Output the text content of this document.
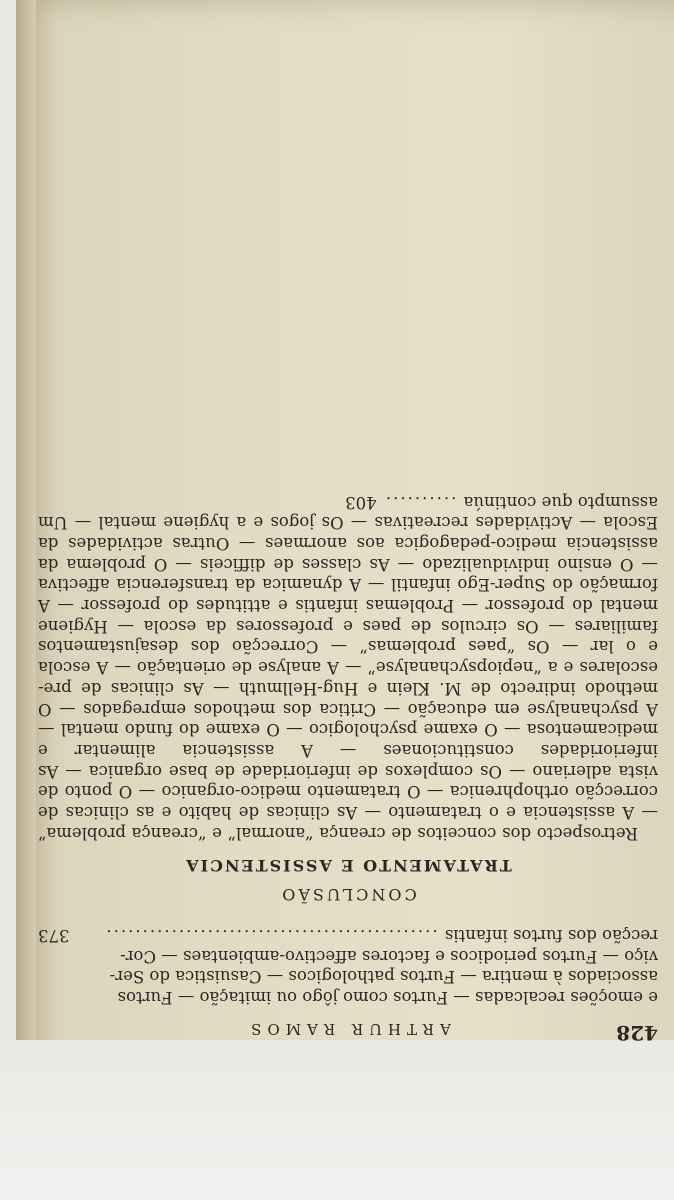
428
ARTHUR RAMOS

e emoções recalcadas — Furtos como jôgo ou imitação — Furtos

associados à mentira — Furtos pathologicos — Casuistica do Ser-

viço — Furtos periodicos e factores affectivo-ambientaes — Cor-

recção dos furtos infantis ..............................................
373
CONCLUSÃO
TRATAMENTO E ASSISTENCIA

Retrospecto dos conceitos de creança “anormal” e “creança problema” — A assistencia e o tratamento — As clinicas de habito e as clinicas de correcção orthophrenica — O tratamento medico-organico — O ponto de vista adleriano — Os complexos de inferioridade de base organica — As inferioridades constitucionaes — A assistencia alimentar e medicamentosa — O exame psychologico — O exame do fundo mental — A psychanalyse em educação — Critica dos methodos empregados — O methodo indirecto de M. Klein e Hug-Hellmuth — As clinicas de pre-escolares e a “nepiopsychanalyse” — A analyse de orientação — A escola e o lar — Os “paes problemas” — Correcção dos desajustamentos familiares — Os circulos de paes e professores da escola — Hygiene mental do professor — Problemas infantis e attitudes do professor — A formação do Super-Ego infantil — A dynamica da transferencia affectiva — O ensino individualizado — As classes de difficeis — O problema da assistencia medico-pedagogica aos anormaes — Outras actividades da Escola — Actividades recreativas — Os jogos e a hygiene mental — Um assumpto que continúa .......... 403
